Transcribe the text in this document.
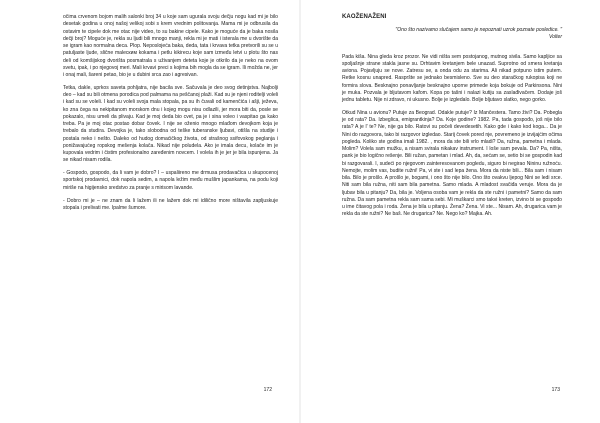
očima crvenom bojom malih salonki broj 34 u koje sam uguralа svoju dečju nogu kad mi je bilo desetak godina u onoj našoj velikoj sobi s krem vrednim politovanja. Mama mi je odbrusila da ostavim te cipele dok me otac nije video, to su bakine cipele. Kako je moguće da je baka nosila dečji broj? Moguće je, rekla su ljudi bili mnogo manji, rekla mi je mati i isterala me u dvorište da se igram kao normalna deca. Plop. Neposlojeća baka, deda, tata i krvava tetka pretvorili su se u patuljaste ljude, slične malecким kokama i petlu kikireсu koje sam između letvi u plotu što nas deli od komšijskog dvorišta posmatrala s uživanjem deteta koje je otkrilo da je neko na ovom svetu, ipak, i po njegovoj meri. Mali krvavi preci s kojima bih mogla da se igram. Ili možda ne, jer i onaj mali, šareni petao, bio je u dubini srca zao i agresivan.

Tetka, dakle, uprkos saveta pohlјatra, nije bacila sve. Sačuvala je deo svog detinjstva. Najbolji deo – kad su bili otmena porodica pod palmama na peščanoj plaži. Kad su je njeni roditelji voleli i kad su se voleli. I kad su voleli svoja mala stopala, pa su ih čuvali od kamenčića i ašji, ježeva, ko zna čega na nekipitanom morskom dnu i kojeg mogu nisu odlazili, jer mora biti da, posle se pokazalo, nisu umeli da plivaju. Kad je moj deda bio cvet, pa je i sina voleo i vaspitao ga kako treba. Pa je moj otac postao dobar čovek. I nije se oženio mnogo mlađom devojkom koja je trebalo da studira. Devojka je, tako slobodna od teške tuberanske ljubavi, otišla na studije i postala neko i nešto. Daleko od hudog domaćičkog života, od strašnog ssifovskog peglanja i ponižavajućeg ropskog mešenja kolača. Nikad nije poludela. Ako je imala decu, kolače im je kupovala vedrim i čistim profesionalno zaređenim novcem. I volela ih je jer je bila ispunjena. Ja se nikad nisam rodila.

- Gospodo, gospodo, da li vam je dobro? I – uspaliireno me drmusa prodavačica u skupocenoj sportskoj prodavnici, dok napola sedim, a napola ležim među mušlim japankama, na podu koji miriše na higijensko sredstvo za pranje s mirisom lavande.

- Dobro mi je – ne znam da li lažem ili ne lažem dok mi idilično more ništavila zapljuskuje stopala i prelivati me. Ipalme šumore.

172
KAOŽENAŽENI
"Ono što nazivamo slučajem samo je nepoznati uzrok poznate posledice. "
Volter

Pada kiša. Nina gleda kroz prozor. Ne vidi ništa sem postojanog, mutnog sivila. Samo kapljice sa spoljašnje strane stakla jasne su. Drhtavim kretanjem bele unazad. Suprotno od smera kretanja aviona. Pojavljuju se nove. Zatresu se, a onda odu za starima. Ali nikad potpuno istim putem. Retke kosnu unapred. Raspršte se jednako besmisleno. Sve su deo starаčkog rukopisa koji ne formira slova. Besknajno ponavljanje besknajno upornе primede koja bokuje od Parkinsona. Nini je muka. Pozvala je bljutavom kafom. Kopa po tašni i nalazi kutiju sa zaslađivačem. Dodaje još jednu tabletu. Nije ni zdravo, ni ukusno. Bolje je izgledalo. Bolje bljutavo slatko, nego gorko.

Otkud Nina u avionu? Putuje za Beograd. Odakle putuje? Iz Mančestera. Tamo živi? Da. Pobegla je od rata? Da. Izbeglica, emigrantkinja? Da. Koje godine? 1982. Pa, tada gospođo, još nije bilo rata? A je l' te? Ne, nije ga bilo. Ratovi su počeli devedesetih. Kako gde i kako kod koga... Da je Nini do razgovora, tako bi razgovor izgledao. Starij čovek pored nje, povremeno je izvijajćim očima pogleda. Koliko ste godina imali 1982. , mora da ste bili vrlo mladi? Da, ružna, pametna i mlada. Molim? Volela sam mužku, a nisam svirala nikakav instrument. I loše sam pevala. Da? Pa, ništa, pank je bio logično rešenje. Bili ružan, pametan i mlad. Ah, da, sećam se, setio bi se gospodin kad bi razgovarali. I, sudeći po njegovom zainteresovanom pogledu, siguro bi negirao Nininu ružnoću. Nemojte, molim vas, budite ružni! Pa, vi ste i sad lepa žena. Mora da niste bili... Bila sam i nisam bila. Bilo je prošlo. A prošlo je, bogami, i ono što nije bilo. Ono što ovakvu ljepog Nini se ledi srce. Niti sam bila ružna, niti sam bila pametna. Samo mlada. A mladost svačiđa veruje. Mora da je ljubav bila u pitanju? Da, bila je. Volјena osoba vam je rekla da ste ružni i pametni? Samo da sam ružna. Da sam pametna rekla sam sama sebi. Mi muškarci smo takvi kreten, izvinо bi se gospođo u ime čitavog pola i roda. Žena je bila u pitanju. Žena? Žena. Vi ste... Nisam. Ah, drugarica vam je rekla da ste ružni? Ne baš. Ne drugarica? Ne. Nego ko? Majka. Ah.

173
